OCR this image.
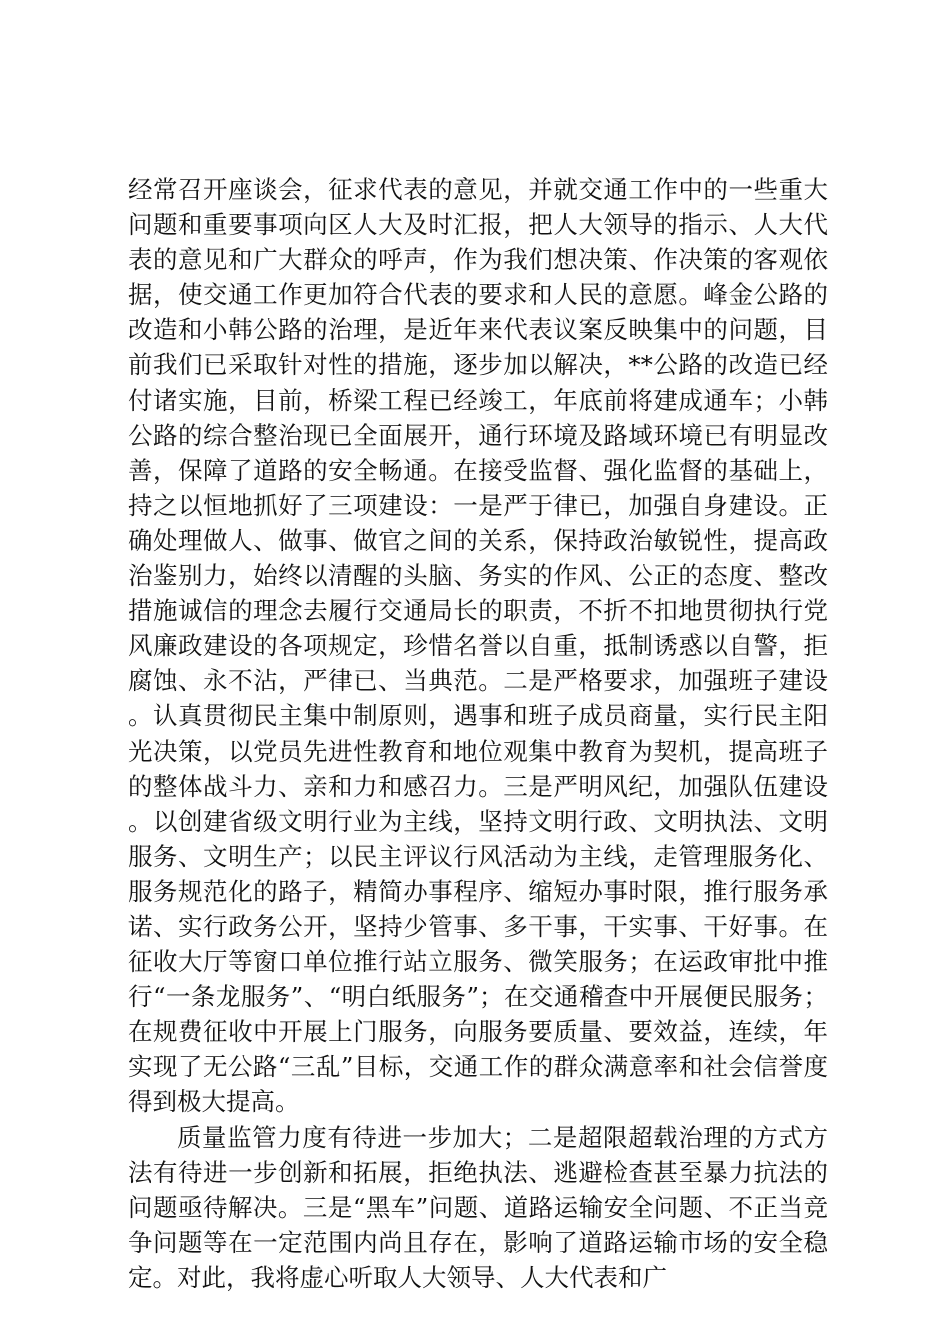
经常召开座谈会，征求代表的意见，并就交通工作中的一些重大问题和重要事项向区人大及时汇报，把人大领导的指示、人大代表的意见和广大群众的呼声，作为我们想决策、作决策的客观依据，使交通工作更加符合代表的要求和人民的意愿。峰金公路的改造和小韩公路的治理，是近年来代表议案反映集中的问题，目前我们已采取针对性的措施，逐步加以解决，**公路的改造已经付诸实施，目前，桥梁工程已经竣工，年底前将建成通车；小韩公路的综合整治现已全面展开，通行环境及路域环境已有明显改善，保障了道路的安全畅通。在接受监督、强化监督的基础上，持之以恒地抓好了三项建设：一是严于律已，加强自身建设。正确处理做人、做事、做官之间的关系，保持政治敏锐性，提高政治鉴别力，始终以清醒的头脑、务实的作风、公正的态度、整改措施诚信的理念去履行交通局长的职责，不折不扣地贯彻执行党风廉政建设的各项规定，珍惜名誉以自重，抵制诱惑以自警，拒腐蚀、永不沾，严律已、当典范。二是严格要求，加强班子建设。认真贯彻民主集中制原则，遇事和班子成员商量，实行民主阳光决策，以党员先进性教育和地位观集中教育为契机，提高班子的整体战斗力、亲和力和感召力。三是严明风纪，加强队伍建设。以创建省级文明行业为主线，坚持文明行政、文明执法、文明服务、文明生产；以民主评议行风活动为主线，走管理服务化、服务规范化的路子，精简办事程序、缩短办事时限，推行服务承诺、实行政务公开，坚持少管事、多干事，干实事、干好事。在征收大厅等窗口单位推行站立服务、微笑服务；在运政审批中推行“一条龙服务”、“明白纸服务”；在交通稽查中开展便民服务；在规费征收中开展上门服务，向服务要质量、要效益，连续，年实现了无公路“三乱”目标，交通工作的群众满意率和社会信誉度得到极大提高。

质量监管力度有待进一步加大；二是超限超载治理的方式方法有待进一步创新和拓展，拒绝执法、逃避检查甚至暴力抗法的问题亟待解决。三是“黑车”问题、道路运输安全问题、不正当竞争问题等在一定范围内尚且存在，影响了道路运输市场的安全稳定。对此，我将虚心听取人大领导、人大代表和广
